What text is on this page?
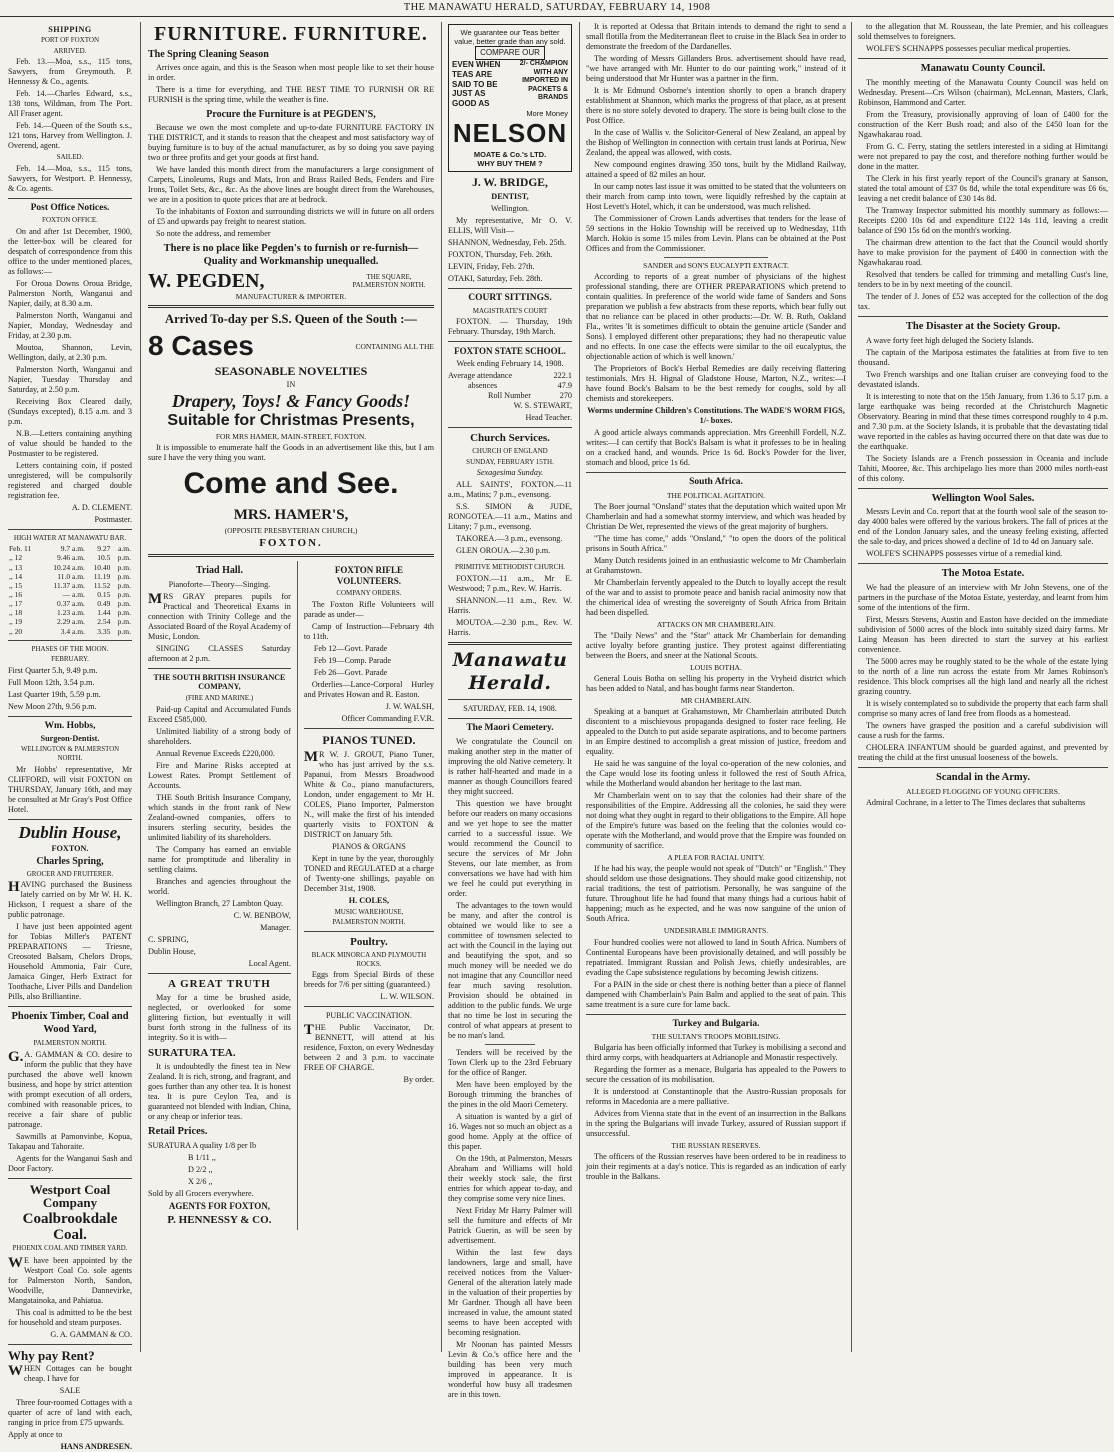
THE MANAWATU HERALD, SATURDAY, FEBRUARY 14, 1908
SHIPPING

PORT OF FOXTON

ARRIVED.

Feb. 13.—Moa, s.s., 115 tons, Sawyers, from Greymouth. P. Hennessy & Co., agents.

Feb. 14.—Charles Edward, s.s., 138 tons, Wildman, from The Port. All Fraser agent.

Feb. 14.—Queen of the South s.s., 121 tons, Harvey from Wellington. J. Overend, agent.

SAILED.

Feb. 14.—Moa, s.s., 115 tons, Sawyers, for Westport. P. Hennessy, & Co. agents.

Post Office Notices.

FOXTON OFFICE.

On and after 1st December, 1900, the letter-box will be cleared for despatch of correspondence from this office to the under mentioned places, as follows:—

For Oroua Downs Oroua Bridge, Palmerston North, Wanganui and Napier, daily, at 8.30 a.m.

Palmerston North, Wanganui and Napier, Monday, Wednesday and Friday, at 2.30 p.m.

Moutoa, Shannon, Levin, Wellington, daily, at 2.30 p.m.

Palmerston North, Wanganui and Napier, Tuesday Thursday and Saturday, at 2.50 p.m.

Receiving Box Cleared daily, (Sundays excepted), 8.15 a.m. and 3 p.m.

N.B.—Letters containing anything of value should be handed to the Postmaster to be registered.

Letters containing coin, if posted unregistered, will be compulsorily registered and charged double registration fee.

A. D. CLEMENT.

Postmaster.

HIGH WATER AT MANAWATU BAR.

Feb. 11	9.7 a.m.	9.27	a.m.
,, 12	9.46 a.m.	10.5	p.m.
,, 13	10.24 a.m.	10.40	p.m.
,, 14	11.0 a.m.	11.19	p.m.
,, 15	11.37 a.m.	11.52	p.m.
,, 16	— a.m.	0.15	p.m.
,, 17	0.37 a.m.	0.49	p.m.
,, 18	1.23 a.m.	1.44	p.m.
,, 19	2.29 a.m.	2.54	p.m.
,, 20	3.4 a.m.	3.35	p.m.

PHASES OF THE MOON.

FEBRUARY.

First Quarter 5.h, 9.49 p.m.

Full Moon 12th, 3.54 p.m.

Last Quarter 19th, 5.59 p.m.

New Moon 27th, 9.56 p.m.

Wm. Hobbs,

Surgeon-Dentist.

WELLINGTON & PALMERSTON NORTH.

Mr Hobbs' representative, Mr CLIFFORD, will visit FOXTON on THURSDAY, January 16th, and may be consulted at Mr Gray's Post Office Hotel.

Dublin House,

FOXTON.

Charles Spring,

GROCER AND FRUITERER.

HAVING purchased the Business lately carried on by Mr W. H. K. Hickson, I request a share of the public patronage.

I have just been appointed agent for Tobias Miller's PATENT PREPARATIONS — Triesne, Creosoted Balsam, Chelors Drops, Household Ammonia, Fair Cure, Jamaica Ginger, Herb Extract for Toothache, Liver Pills and Dandelion Pills, also Brilliantine.

Phoenix Timber, Coal and Wood Yard,

PALMERSTON NORTH.

G.A. GAMMAN & CO. desire to inform the public that they have purchased the above well known business, and hope by strict attention with prompt execution of all orders, combined with reasonable prices, to receive a fair share of public patronage.

Sawmills at Pamonvinbe, Kopua, Takapau and Tahoraite.

Agents for the Wanganui Sash and Door Factory.

Westport Coal Company
Coalbrookdale Coal.

PHOENIX COAL AND TIMBER YARD.

WE have been appointed by the Westport Coal Co. sole agents for Palmerston North, Sandon, Woodville, Dannevirke, Mangatainoka, and Pahiatua.

This coal is admitted to be the best for household and steam purposes.

G. A. GAMMAN & CO.

Why pay Rent?

WHEN Cottages can be bought cheap. I have for

SALE

Three four-roomed Cottages with a quarter of acre of land with each, ranging in price from £75 upwards.

Apply at once to

HANS ANDRESEN.

FURNITURE. FURNITURE.
The Spring Cleaning Season

Arrives once again, and this is the Season when most people like to set their house in order.

There is a time for everything, and THE BEST TIME TO FURNISH OR RE FURNISH is the spring time, while the weather is fine.

Procure the Furniture is at PEGDEN'S,

Because we own the most complete and up-to-date FURNITURE FACTORY IN THE DISTRICT, and it stands to reason that the cheapest and most satisfactory way of buying furniture is to buy of the actual manufacturer, as by so doing you save paying two or three profits and get your goods at first hand.

We have landed this month direct from the manufacturers a large consignment of Carpets, Linoleums, Rugs and Mats, Iron and Brass Railed Beds, Fenders and Fire Irons, Toilet Sets, &c., &c. As the above lines are bought direct from the Warehouses, we are in a position to quote prices that are at bedrock.

To the inhabitants of Foxton and surrounding districts we will in future on all orders of £5 and upwards pay freight to nearest station.

So note the address, and remember

There is no place like Pegden's to furnish or re-furnish—Quality and Workmanship unequalled.
W. PEGDEN,	THE SQUARE, PALMERSTON NORTH.

MANUFACTURER & IMPORTER.

Arrived To-day per S.S. Queen of the South :—
8 Cases	CONTAINING ALL THE

SEASONABLE NOVELTIES

IN

Drapery, Toys! & Fancy Goods!
Suitable for Christmas Presents,

FOR MRS HAMER, MAIN-STREET, FOXTON.

It is impossible to enumerate half the Goods in an advertisement like this, but I am sure I have the very thing you want.

Come and See.

MRS. HAMER'S,

(OPPOSITE PRESBYTERIAN CHURCH,)

FOXTON.

Triad Hall.

Pianoforte—Theory—Singing.

MRS GRAY prepares pupils for Practical and Theoretical Exams in connection with Trinity College and the Associated Board of the Royal Academy of Music, London.

SINGING CLASSES Saturday afternoon at 2 p.m.

THE SOUTH BRITISH INSURANCE COMPANY,

(FIRE AND MARINE.)

Paid-up Capital and Accumulated Funds Exceed £585,000.

Unlimited liability of a strong body of shareholders.

Annual Revenue Exceeds £220,000.

Fire and Marine Risks accepted at Lowest Rates. Prompt Settlement of Accounts.

THE South British Insurance Company, which stands in the front rank of New Zealand-owned companies, offers to insurers sterling security, besides the unlimited liability of its shareholders.

The Company has earned an enviable name for promptitude and liberality in settling claims.

Branches and agencies throughout the world.

Wellington Branch, 27 Lambton Quay.

C. W. BENBOW,

Manager.

C. SPRING,

Dublin House,

Local Agent.

A GREAT TRUTH

May for a time be brushed aside, neglected, or overlooked for some glittering fiction, but eventually it will burst forth strong in the fullness of its integrity. So it is with—

SURATURA TEA.

It is undoubtedly the finest tea in New Zealand. It is rich, strong, and fragrant, and goes further than any other tea. It is honest tea. It is pure Ceylon Tea, and is guaranteed not blended with Indian, China, or any cheap or inferior teas.

Retail Prices.

SURATURA A quality 1/8 per lb

B 1/11 ,,

D 2/2 ,,

X 2/6 ,,

Sold by all Grocers everywhere.

AGENTS FOR FOXTON,

P. HENNESSY & CO.

FOXTON RIFLE VOLUNTEERS.

COMPANY ORDERS.

The Foxton Rifle Volunteers will parade as under—

Camp of Instruction—February 4th to 11th.

Feb 12—Govt. Parade

Feb 19—Comp. Parade

Feb 26—Govt. Parade

Orderlies—Lance-Corporal Hurley and Privates Howan and R. Easton.

J. W. WALSH,

Officer Commanding F.V.R.

PIANOS TUNED.

MR W. J. GROUT, Piano Tuner, who has just arrived by the s.s. Papanui, from Messrs Broadwood White & Co., piano manufacturers, London, under engagement to Mr H. COLES, Piano Importer, Palmerston N., will make the first of his intended quarterly visits to FOXTON & DISTRICT on January 5th.

PIANOS & ORGANS

Kept in tune by the year, thoroughly TONED and REGULATED at a charge of Twenty-one shillings, payable on December 31st, 1908.

H. COLES,

MUSIC WAREHOUSE,

PALMERSTON NORTH.

Poultry.

BLACK MINORCA AND PLYMOUTH ROCKS.

Eggs from Special Birds of these breeds for 7/6 per sitting (guaranteed.)

L. W. WILSON.

PUBLIC VACCINATION.

THE Public Vaccinator, Dr. BENNETT, will attend at his residence, Foxton, on every Wednesday between 2 and 3 p.m. to vaccinate FREE OF CHARGE.

By order.

We guarantee our Teas better value, better grade than any sold.
COMPARE OUR
EVEN WHEN TEAS ARE SAID TO BE JUST AS GOOD AS
2/- CHAMPION WITH ANY IMPORTED IN PACKETS & BRANDS
More Money
NELSON
MOATE & Co.'s LTD.
WHY BUY THEM ?
J. W. BRIDGE,

DENTIST,

Wellington.

My representative, Mr O. V. ELLIS, Will Visit—

SHANNON, Wednesday, Feb. 25th.

FOXTON, Thursday, Feb. 26th.

LEVIN, Friday, Feb. 27th.

OTAKI, Saturday, Feb. 28th.

COURT SITTINGS.

MAGISTRATE'S COURT

FOXTON. — Thursday, 19th February. Thursday, 19th March.

FOXTON STATE SCHOOL.

Week ending February 14, 1908.

Average attendance	222.1
absences	47.9
Roll Number	270

W. S. STEWART,

Head Teacher.

Church Services.

CHURCH OF ENGLAND

SUNDAY, FEBRUARY 15TH.

Sexagesima Sunday.

ALL SAINTS', FOXTON.—11 a.m., Matins; 7 p.m., evensong.

S.S. SIMON & JUDE, RONGOTEA.—11 a.m., Matins and Litany; 7 p.m., evensong.

TAKOREA.—3 p.m., evensong.

GLEN OROUA.—2.30 p.m.

PRIMITIVE METHODIST CHURCH.

FOXTON.—11 a.m., Mr E. Westwood; 7 p.m., Rev. W. Harris.

SHANNON.—11 a.m., Rev. W. Harris.

MOUTOA.—2.30 p.m., Rev. W. Harris.

Manawatu Herald.

SATURDAY, FEB. 14, 1908.

The Maori Cemetery.

We congratulate the Council on making another step in the matter of improving the old Native cemetery. It is rather half-hearted and made in a manner as though Councillors feared they might succeed.

This question we have brought before our readers on many occasions and we yet hope to see the matter carried to a successful issue. We would recommend the Council to secure the services of Mr John Stevens, our late member, as from conversations we have had with him we feel he could put everything in order.

The advantages to the town would be many, and after the control is obtained we would like to see a committee of townsmen selected to act with the Council in the laying out and beautifying the spot, and so much money will be needed we do not imagine that any Councillor need fear much saving resolution. Provision should be obtained in addition to the public funds. We urge that no time be lost in securing the control of what appears at present to be no man's land.

Tenders will be received by the Town Clerk up to the 23rd February for the office of Ranger.

Men have been employed by the Borough trimming the branches of the pines in the old Maori Cemetery.

A situation is wanted by a girl of 16. Wages not so much an object as a good home. Apply at the office of this paper.

On the 19th, at Palmerston, Messrs Abraham and Williams will hold their weekly stock sale, the first entries for which appear to-day, and they comprise some very nice lines.

Next Friday Mr Harry Palmer will sell the furniture and effects of Mr Patrick Guerin, as will be seen by advertisement.

Within the last few days landowners, large and small, have received notices from the Valuer-General of the alteration lately made in the valuation of their properties by Mr Gardner. Though all have been increased in value, the amount stated seems to have been accepted with becoming resignation.

Mr Noonan has painted Messrs Levin & Co.'s office here and the building has been very much improved in appearance. It is wonderful how busy all tradesmen are in this town.

It is reported at Odessa that Britain intends to demand the right to send a small flotilla from the Mediterranean fleet to cruise in the Black Sea in order to demonstrate the freedom of the Dardanelles.

The wording of Messrs Gillanders Bros. advertisement should have read, "we have arranged with Mr. Hunter to do our painting work," instead of it being understood that Mr Hunter was a partner in the firm.

It is Mr Edmund Osborne's intention shortly to open a branch drapery establishment at Shannon, which marks the progress of that place, as at present there is no store solely devoted to drapery. The store is being built close to the Post Office.

In the case of Wallis v. the Solicitor-General of New Zealand, an appeal by the Bishop of Wellington in connection with certain trust lands at Porirua, New Zealand, the appeal was allowed, with costs.

New compound engines drawing 350 tons, built by the Midland Railway, attained a speed of 82 miles an hour.

In our camp notes last issue it was omitted to be stated that the volunteers on their march from camp into town, were liquidly refreshed by the captain at Host Levett's Hotel, which, it can be understood, was much relished.

The Commissioner of Crown Lands advertises that tenders for the lease of 59 sections in the Hokio Township will be received up to Wednesday, 11th March. Hokio is some 15 miles from Levin. Plans can be obtained at the Post Offices and from the Commissioner.

SANDER and SON'S EUCALYPTI EXTRACT.

According to reports of a great number of physicians of the highest professional standing, there are OTHER PREPARATIONS which pretend to contain qualities. In preference of the world wide fame of Sanders and Sons preparation we publish a few abstracts from these reports, which bear fully out that no reliance can be placed in other products:—Dr. W. B. Ruth, Oakland Fla., writes 'It is sometimes difficult to obtain the genuine article (Sander and Sons). I employed different other preparations; they had no therapeutic value and no effects. In one case the effects were similar to the oil eucalyptus, the objectionable action of which is well known.'

The Proprietors of Bock's Herbal Remedies are daily receiving flattering testimonials. Mrs H. Hignal of Gladstone House, Marton, N.Z., writes:—I have found Bock's Balsam to be the best remedy for coughs, sold by all chemists and storekeepers.

Worms undermine Children's Constitutions. The WADE'S WORM FIGS, 1/- boxes.

A good article always commands appreciation. Mrs Greenhill Fordell, N.Z. writes:—I can certify that Bock's Balsam is what it professes to be in healing on a cracked hand, and wounds. Price 1s 6d. Bock's Powder for the liver, stomach and blood, price 1s 6d.

South Africa.

THE POLITICAL AGITATION.

The Boer journal "Onsland" states that the deputation which waited upon Mr Chamberlain and had a somewhat stormy interview, and which was headed by Christian De Wet, represented the views of the great majority of burghers.

"The time has come," adds "Onsland," "to open the doors of the political prisons in South Africa."

Many Dutch residents joined in an enthusiastic welcome to Mr Chamberlain at Grahamstown.

Mr Chamberlain fervently appealed to the Dutch to loyally accept the result of the war and to assist to promote peace and banish racial animosity now that the chimerical idea of wresting the sovereignty of South Africa from Britain had been dispelled.

ATTACKS ON MR CHAMBERLAIN.

The "Daily News" and the "Star" attack Mr Chamberlain for demanding active loyalty before granting justice. They protest against differentiating between the Boers, and sneer at the National Scouts.

LOUIS BOTHA.

General Louis Botha on selling his property in the Vryheid district which has been added to Natal, and has bought farms near Standerton.

MR CHAMBERLAIN.

Speaking at a banquet at Grahamstown, Mr Chamberlain attributed Dutch discontent to a mischievous propaganda designed to foster race feeling. He appealed to the Dutch to put aside separate aspirations, and to become partners in an Empire destined to accomplish a great mission of justice, freedom and equality.

He said he was sanguine of the loyal co-operation of the new colonies, and the Cape would lose its footing unless it followed the rest of South Africa, while the Motherland would abandon her heritage to the last man.

Mr Chamberlain went on to say that the colonies had their share of the responsibilities of the Empire. Addressing all the colonies, he said they were not doing what they ought in regard to their obligations to the Empire. All hope of the Empire's future was based on the feeling that the colonies would co-operate with the Motherland, and would prove that the Empire was founded on community of sacrifice.

A PLEA FOR RACIAL UNITY.

If he had his way, the people would not speak of "Dutch" or "English." They should seldom use those designations. They should make good citizenship, not racial traditions, the test of patriotism. Personally, he was sanguine of the future. Throughout life he had found that many things had a curious habit of happening; much as he expected, and he was now sanguine of the union of South Africa.

UNDESIRABLE IMMIGRANTS.

Four hundred coolies were not allowed to land in South Africa. Numbers of Continental Europeans have been provisionally detained, and will possibly be repatriated. Immigrant Russian and Polish Jews, chiefly undesirables, are evading the Cape subsistence regulations by becoming Jewish citizens.

For a PAIN in the side or chest there is nothing better than a piece of flannel dampened with Chamberlain's Pain Balm and applied to the seat of pain. This same treatment is a sure cure for lame back.

Turkey and Bulgaria.

THE SULTAN'S TROOPS MOBILISING.

Bulgaria has been officially informed that Turkey is mobilising a second and third army corps, with headquarters at Adrianople and Monastir respectively.

Regarding the former as a menace, Bulgaria has appealed to the Powers to secure the cessation of its mobilisation.

It is understood at Constantinople that the Austro-Russian proposals for reforms in Macedonia are a mere palliative.

Advices from Vienna state that in the event of an insurrection in the Balkans in the spring the Bulgarians will invade Turkey, assured of Russian support if unsuccessful.

THE RUSSIAN RESERVES.

The officers of the Russian reserves have been ordered to be in readiness to join their regiments at a day's notice. This is regarded as an indication of early trouble in the Balkans.

to the allegation that M. Rousseau, the late Premier, and his colleagues sold themselves to foreigners.

WOLFE'S SCHNAPPS possesses peculiar medical properties.

Manawatu County Council.

The monthly meeting of the Manawatu County Council was held on Wednesday. Present—Crs Wilson (chairman), McLennan, Masters, Clark, Robinson, Hammond and Carter.

From the Treasury, provisionally approving of loan of £400 for the construction of the Kerr Bush road; and also of the £450 loan for the Ngawhakarau road.

From G. C. Ferry, stating the settlers interested in a siding at Himitangi were not prepared to pay the cost, and therefore nothing further would be done in the matter.

The Clerk in his first yearly report of the Council's granary at Sanson, stated the total amount of £37 0s 8d, while the total expenditure was £6 6s, leaving a net credit balance of £30 14s 8d.

The Tramway Inspector submitted his monthly summary as follows:—Receipts £200 10s 6d and expenditure £122 14s 11d, leaving a credit balance of £90 15s 6d on the month's working.

The chairman drew attention to the fact that the Council would shortly have to make provision for the payment of £400 in connection with the Ngawhakarau road.

Resolved that tenders be called for trimming and metalling Cust's line, tenders to be in by next meeting of the council.

The tender of J. Jones of £52 was accepted for the collection of the dog tax.

The Disaster at the Society Group.

A wave forty feet high deluged the Society Islands.

The captain of the Mariposa estimates the fatalities at from five to ten thousand.

Two French warships and one Italian cruiser are conveying food to the devastated islands.

It is interesting to note that on the 15th January, from 1.36 to 5.17 p.m. a large earthquake was being recorded at the Christchurch Magnetic Observatory. Bearing in mind that these times correspond roughly to 4 p.m. and 7.30 p.m. at the Society Islands, it is probable that the devastating tidal wave reported in the cables as having occurred there on that date was due to the earthquake.

The Society Islands are a French possession in Oceania and include Tahiti, Mooree, &c. This archipelago lies more than 2000 miles north-east of this colony.

Wellington Wool Sales.

Messrs Levin and Co. report that at the fourth wool sale of the season to-day 4000 bales were offered by the various brokers. The fall of prices at the end of the London January sales, and the uneasy feeling existing, affected the sale to-day, and prices showed a decline of 1d to 4d on January sale.

WOLFE'S SCHNAPPS possesses virtue of a remedial kind.

The Motoa Estate.

We had the pleasure of an interview with Mr John Stevens, one of the partners in the purchase of the Motoa Estate, yesterday, and learnt from him some of the intentions of the firm.

First, Messrs Stevens, Austin and Easton have decided on the immediate subdivision of 5000 acres of the block into suitably sized dairy farms. Mr Laing Meason has been directed to start the survey at his earliest convenience.

The 5000 acres may be roughly stated to be the whole of the estate lying to the north of a line run across the estate from Mr James Robinson's residence. This block comprises all the high land and nearly all the richest grazing country.

It is wisely contemplated so to subdivide the property that each farm shall comprise so many acres of land free from floods as a homestead.

The owners have grasped the position and a careful subdivision will cause a rush for the farms.

CHOLERA INFANTUM should be guarded against, and prevented by treating the child at the first unusual looseness of the bowels.

Scandal in the Army.

ALLEGED FLOGGING OF YOUNG OFFICERS.

Admiral Cochrane, in a letter to The Times declares that subalterns
